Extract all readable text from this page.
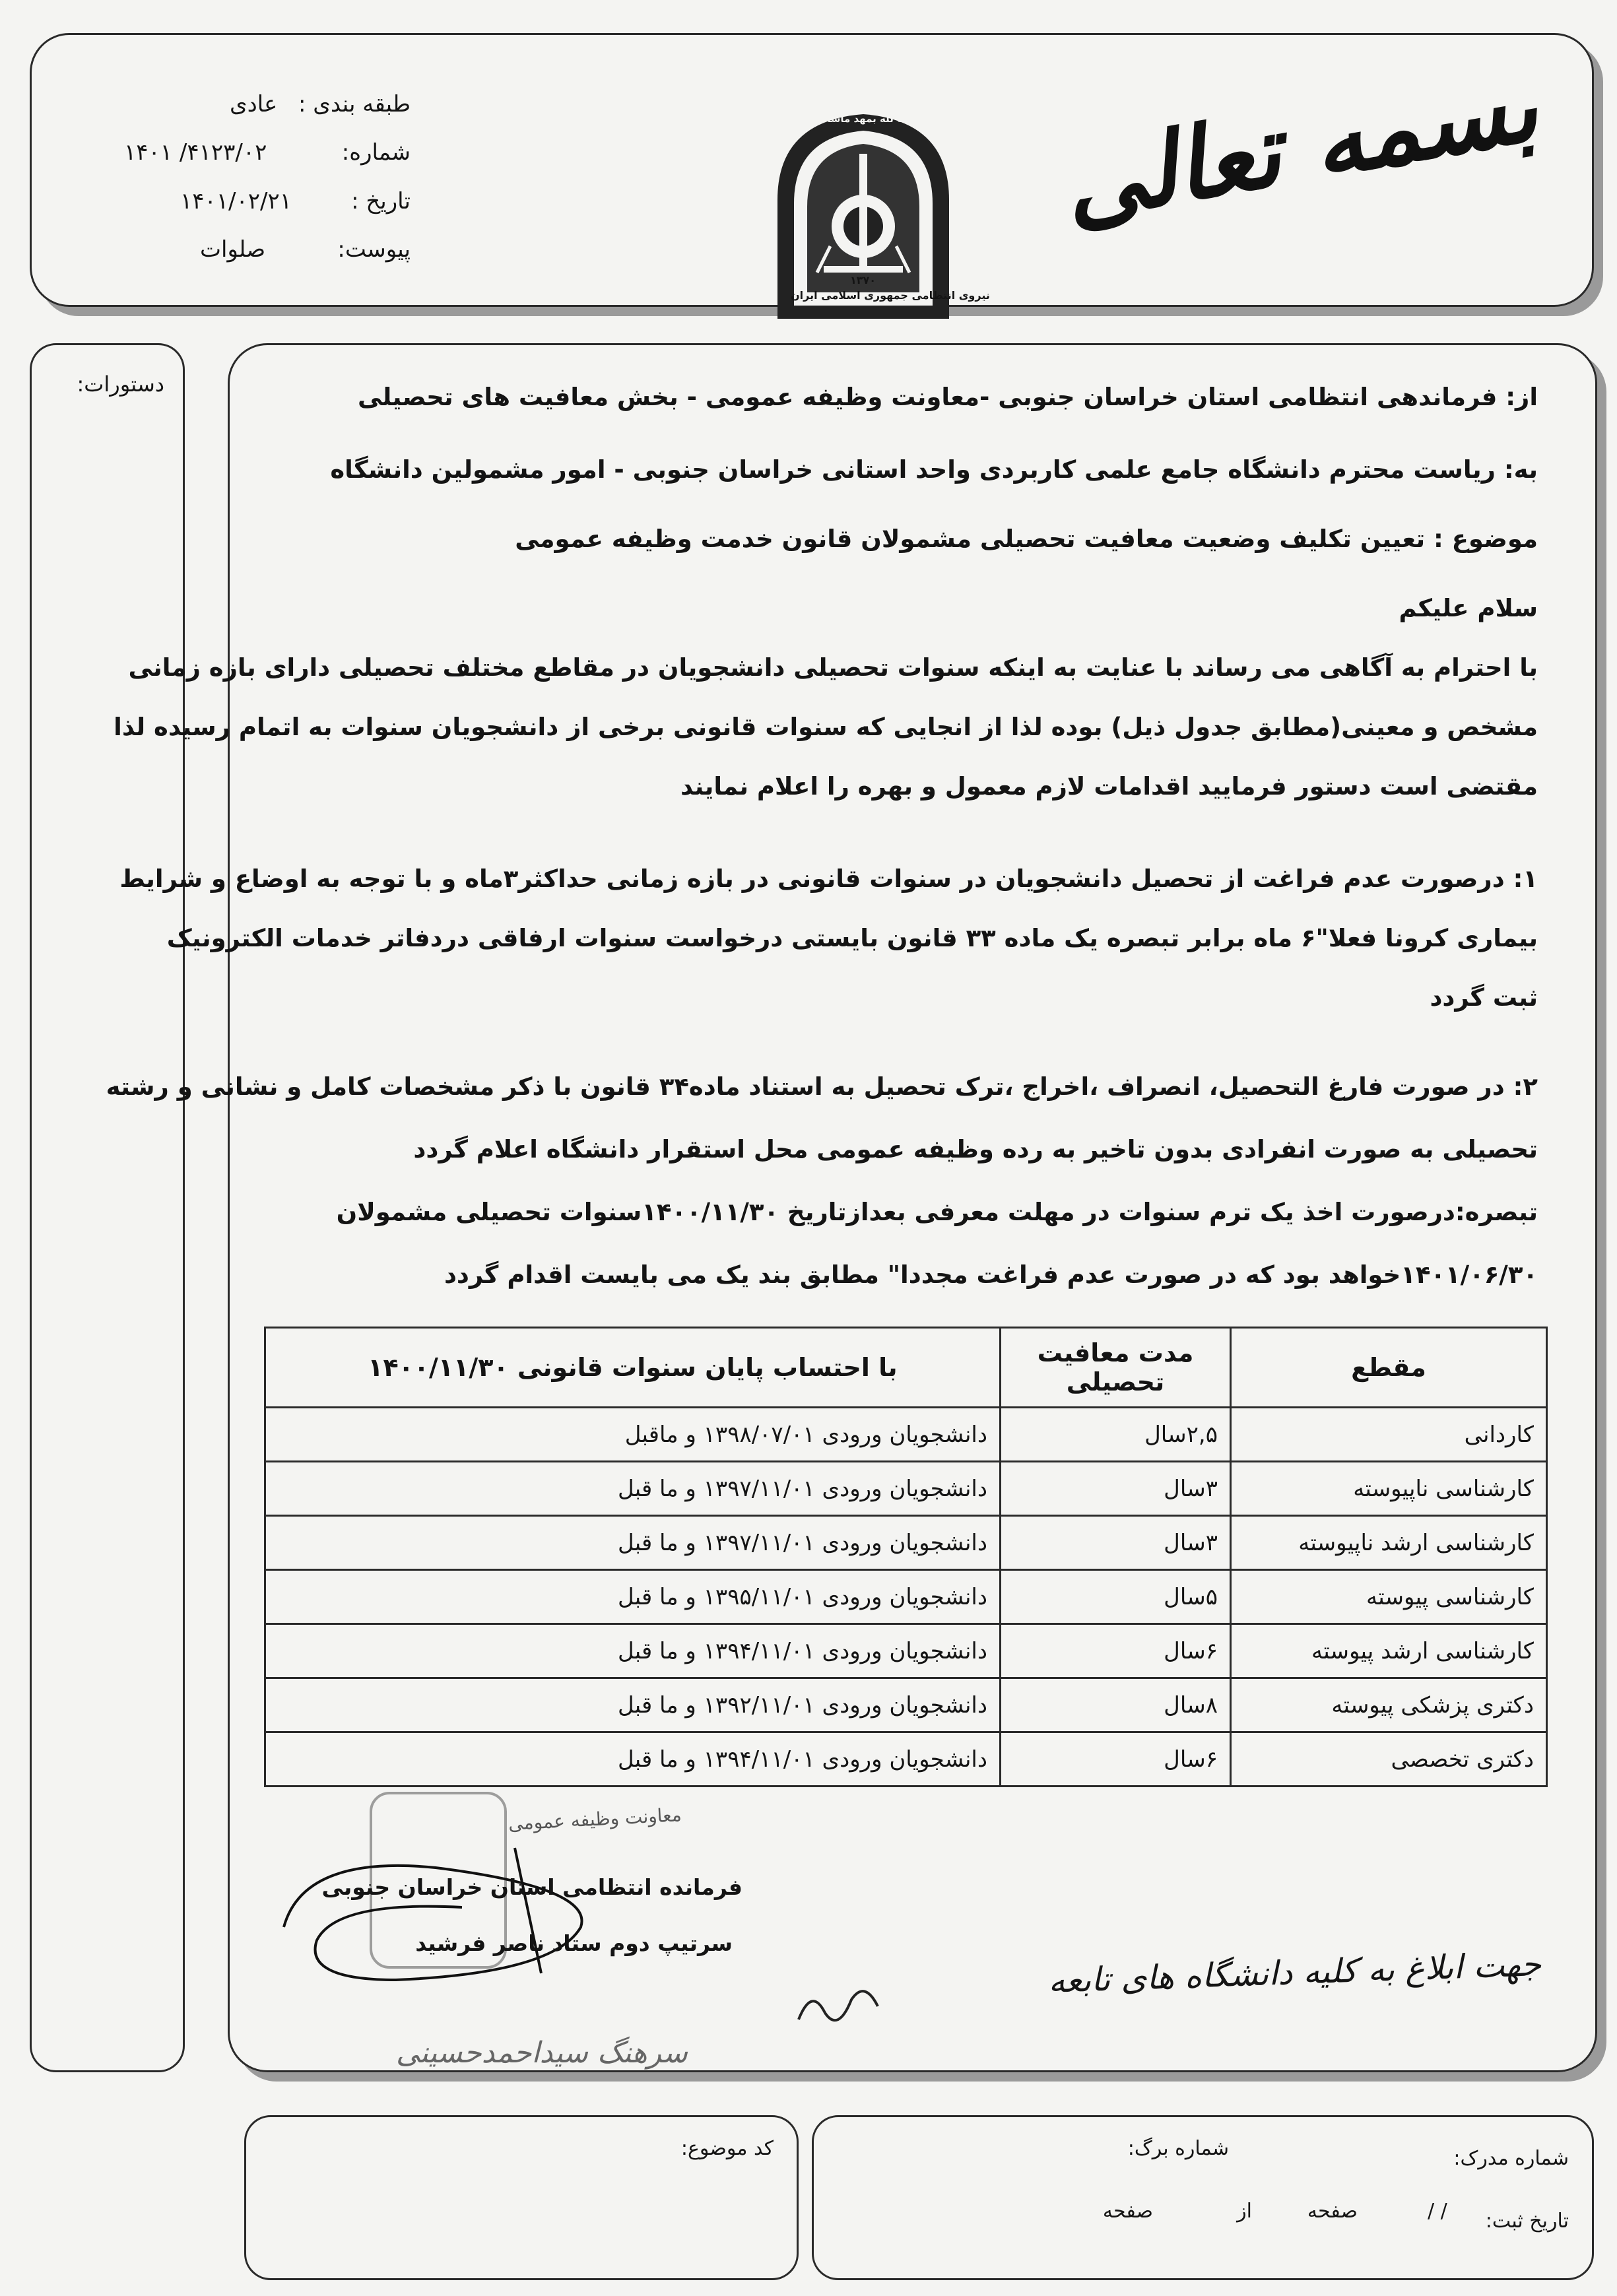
بسمه تعالی
طبقه بندی :
عادی
شماره:
۴۱۲۳/۰۲/ ۱۴۰۱
تاریخ :
۱۴۰۱/۰۲/۲۱
پیوست:
صلوات
کرمو توانیت لله بمهد ماشاسبه
۱۳۷۰
نیروی انتظامی جمهوری اسلامی ایران
دستورات:	از: فرماندهی انتظامی استان خراسان جنوبی -معاونت وظیفه عمومی - بخش معافیت های تحصیلی
به: ریاست محترم دانشگاه جامع علمی کاربردی واحد استانی خراسان جنوبی - امور مشمولین دانشگاه
موضوع : تعیین تکلیف وضعیت معافیت تحصیلی مشمولان قانون خدمت وظیفه عمومی
سلام علیکم
با احترام به آگاهی می رساند با عنایت به اینکه سنوات تحصیلی دانشجویان در مقاطع مختلف تحصیلی دارای بازه زمانی
مشخص و معینی(مطابق جدول ذیل) بوده لذا از انجایی که سنوات قانونی برخی از دانشجویان سنوات به اتمام رسیده لذا
مقتضی است دستور فرمایید اقدامات لازم معمول و بهره را اعلام نمایند
۱: درصورت عدم فراغت از تحصیل دانشجویان در سنوات قانونی در بازه زمانی حداکثر۳ماه و با توجه به اوضاع و شرایط
بیماری کرونا فعلا"۶ ماه برابر تبصره یک ماده ۳۳ قانون بایستی درخواست سنوات ارفاقی دردفاتر خدمات الکترونیک
ثبت گردد
۲: در صورت فارغ التحصیل، انصراف ،اخراج ،ترک تحصیل به استناد ماده۳۴ قانون با ذکر مشخصات کامل و نشانی و رشته
تحصیلی به صورت انفرادی بدون تاخیر به رده وظیفه عمومی محل استقرار دانشگاه اعلام گردد
تبصره:درصورت اخذ یک ترم سنوات در مهلت معرفی بعدازتاریخ ۱۴۰۰/۱۱/۳۰سنوات تحصیلی مشمولان
۱۴۰۱/۰۶/۳۰خواهد بود که در صورت عدم فراغت مجددا" مطابق بند یک می بایست اقدام گردد
مقطع	مدت معافیت تحصیلی	با احتساب پایان سنوات قانونی ۱۴۰۰/۱۱/۳۰
کاردانی	۲,۵سال	دانشجویان ورودی ۱۳۹۸/۰۷/۰۱ و ماقبل
کارشناسی ناپیوسته	۳سال	دانشجویان ورودی ۱۳۹۷/۱۱/۰۱ و ما قبل
کارشناسی ارشد ناپیوسته	۳سال	دانشجویان ورودی ۱۳۹۷/۱۱/۰۱ و ما قبل
کارشناسی پیوسته	۵سال	دانشجویان ورودی ۱۳۹۵/۱۱/۰۱ و ما قبل
کارشناسی ارشد پیوسته	۶سال	دانشجویان ورودی ۱۳۹۴/۱۱/۰۱ و ما قبل
دکتری پزشکی پیوسته	۸سال	دانشجویان ورودی ۱۳۹۲/۱۱/۰۱ و ما قبل
دکتری تخصصی	۶سال	دانشجویان ورودی ۱۳۹۴/۱۱/۰۱ و ما قبل
معاونت وظیفه عمومی
فرمانده انتظامی استان خراسان جنوبی
سرتیپ دوم ستاد
ناصر فرشید
جهت ابلاغ به کلیه دانشگاه های تابعه
سرهنگ سیداحمدحسینی
کد موضوع:	شماره مدرک:
شماره برگ:
تاریخ ثبت:
/ /
صفحه
از
صفحه
